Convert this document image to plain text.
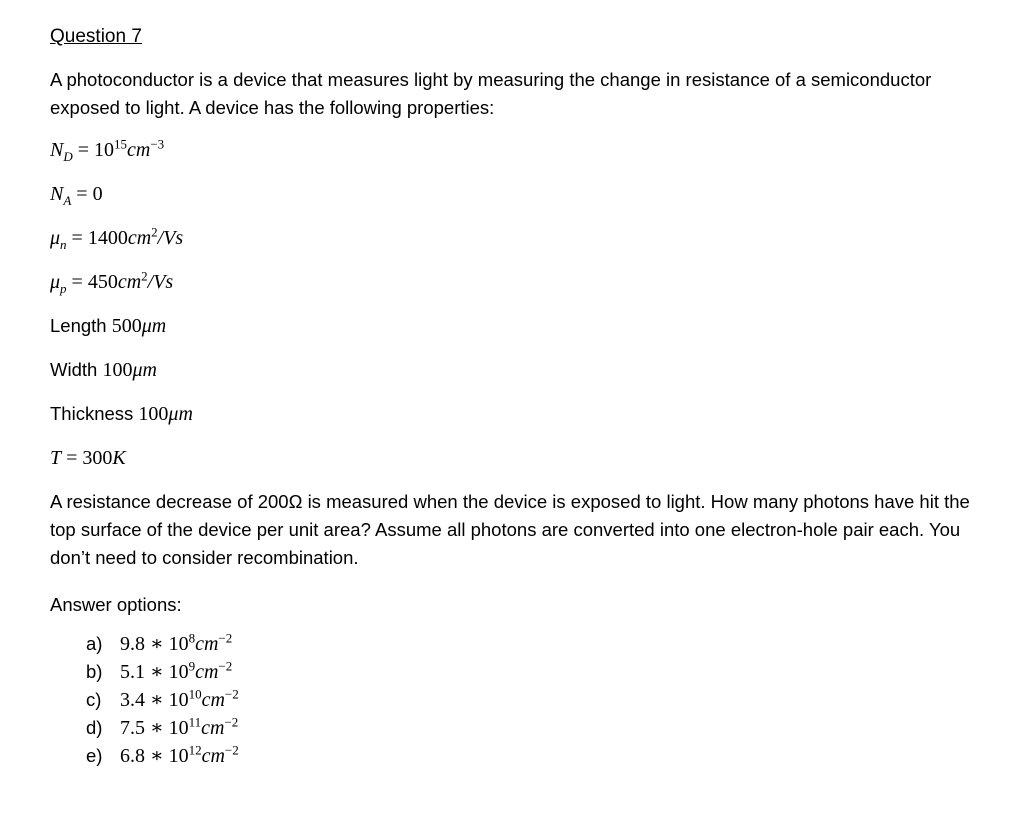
Question 7

A photoconductor is a device that measures light by measuring the change in resistance of a semiconductor exposed to light. A device has the following properties:

$N_D = 10^{15}cm^{-3}$
$N_A = 0$
$\mu_n = 1400cm^2/Vs$
$\mu_p = 450cm^2/Vs$
Length 500μm
Width 100μm
Thickness 100μm
T = 300K

A resistance decrease of 200Ω is measured when the device is exposed to light. How many photons have hit the top surface of the device per unit area? Assume all photons are converted into one electron-hole pair each. You don’t need to consider recombination.

Answer options:
a) 9.8 ∗ $10^8cm^{-2}$
b) 5.1 ∗ $10^9cm^{-2}$
c) 3.4 ∗ $10^{10}cm^{-2}$
d) 7.5 ∗ $10^{11}cm^{-2}$
e) 6.8 ∗ $10^{12}cm^{-2}$
